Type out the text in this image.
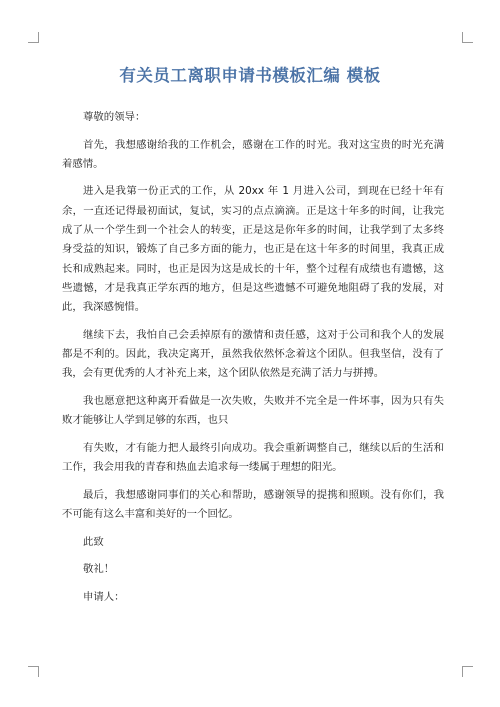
有关员工离职申请书模板汇编 模板

尊敬的领导：

首先，我想感谢给我的工作机会，感谢在工作的时光。我对这宝贵的时光充满着感情。

进入是我第一份正式的工作，从 20xx 年 1 月进入公司，到现在已经十年有余，一直还记得最初面试，复试，实习的点点滴滴。正是这十年多的时间，让我完成了从一个学生到一个社会人的转变，正是这是你年多的时间，让我学到了太多终身受益的知识，锻炼了自己多方面的能力，也正是在这十年多的时间里，我真正成长和成熟起来。同时，也正是因为这是成长的十年，整个过程有成绩也有遗憾，这些遗憾，才是我真正学东西的地方，但是这些遗憾不可避免地阻碍了我的发展，对此，我深感惋惜。

继续下去，我怕自己会丢掉原有的激情和责任感，这对于公司和我个人的发展都是不利的。因此，我决定离开，虽然我依然怀念着这个团队。但我坚信，没有了我，会有更优秀的人才补充上来，这个团队依然是充满了活力与拼搏。

我也愿意把这种离开看做是一次失败，失败并不完全是一件坏事，因为只有失败才能够让人学到足够的东西，也只

有失败，才有能力把人最终引向成功。我会重新调整自己，继续以后的生活和工作，我会用我的青春和热血去追求每一缕属于理想的阳光。

最后，我想感谢同事们的关心和帮助，感谢领导的提携和照顾。没有你们，我不可能有这么丰富和美好的一个回忆。

此致

敬礼！

申请人：
